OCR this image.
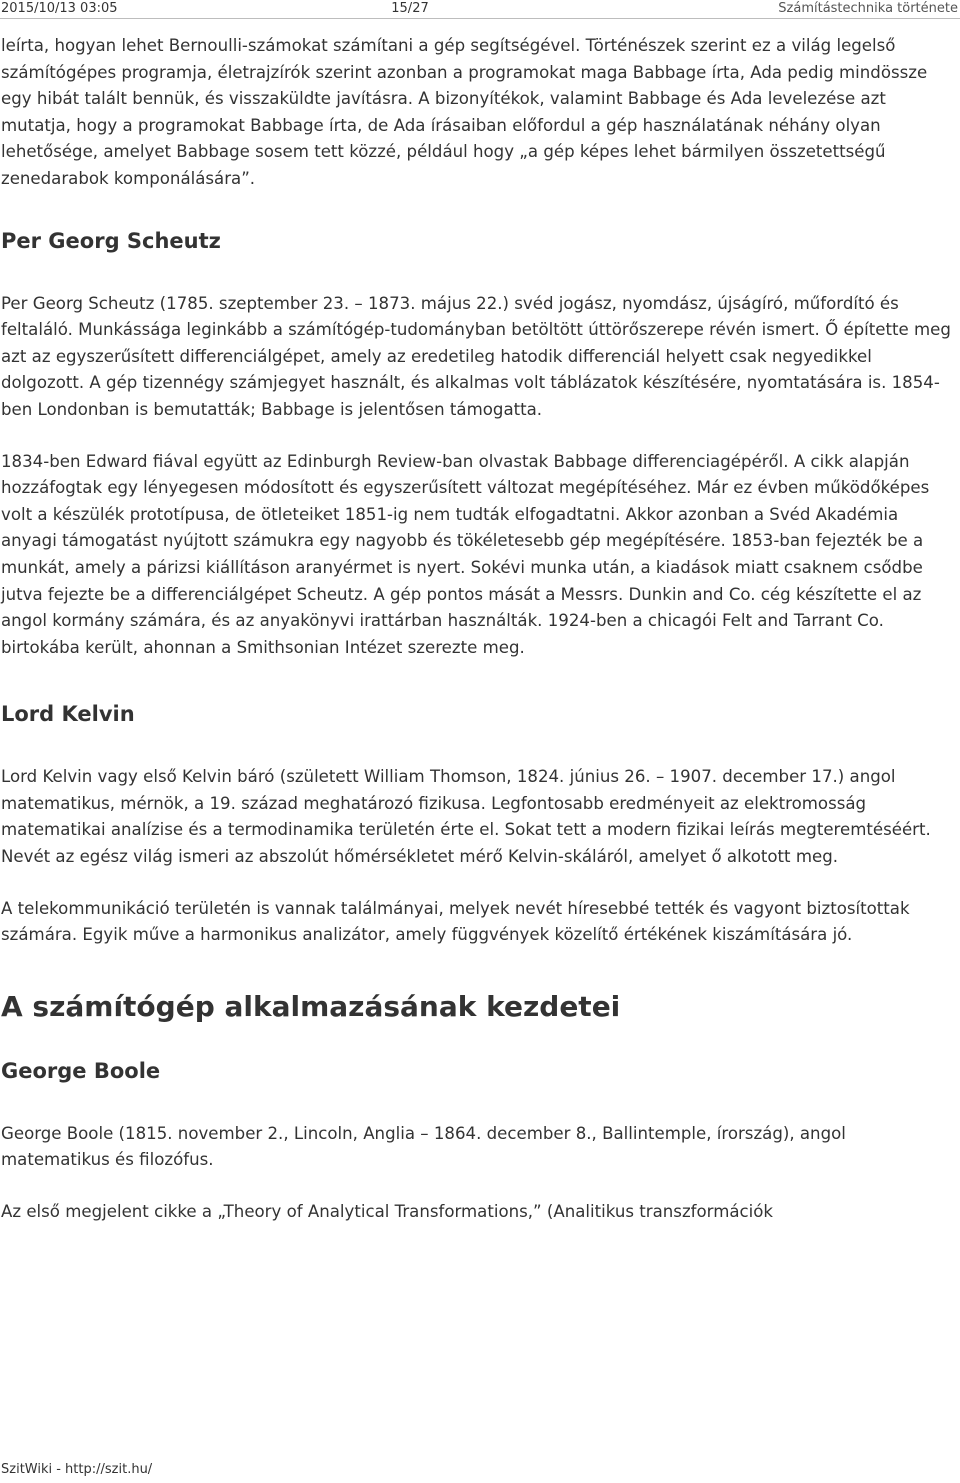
2015/10/13 03:05	15/27	Számítástechnika története

leírta, hogyan lehet Bernoulli-számokat számítani a gép segítségével. Történészek szerint ez a világ legelső számítógépes programja, életrajzírók szerint azonban a programokat maga Babbage írta, Ada pedig mindössze egy hibát talált bennük, és visszaküldte javításra. A bizonyítékok, valamint Babbage és Ada levelezése azt mutatja, hogy a programokat Babbage írta, de Ada írásaiban előfordul a gép használatának néhány olyan lehetősége, amelyet Babbage sosem tett közzé, például hogy „a gép képes lehet bármilyen összetettségű zenedarabok komponálására”.

Per Georg Scheutz

Per Georg Scheutz (1785. szeptember 23. – 1873. május 22.) svéd jogász, nyomdász, újságíró, műfordító és feltaláló. Munkássága leginkább a számítógép-tudományban betöltött úttörőszerepe révén ismert. Ő építette meg azt az egyszerűsített differenciálgépet, amely az eredetileg hatodik differenciál helyett csak negyedikkel dolgozott. A gép tizennégy számjegyet használt, és alkalmas volt táblázatok készítésére, nyomtatására is. 1854-ben Londonban is bemutatták; Babbage is jelentősen támogatta.

1834-ben Edward fiával együtt az Edinburgh Review-ban olvastak Babbage differenciagépéről. A cikk alapján hozzáfogtak egy lényegesen módosított és egyszerűsített változat megépítéséhez. Már ez évben működőképes volt a készülék prototípusa, de ötleteiket 1851-ig nem tudták elfogadtatni. Akkor azonban a Svéd Akadémia anyagi támogatást nyújtott számukra egy nagyobb és tökéletesebb gép megépítésére. 1853-ban fejezték be a munkát, amely a párizsi kiállításon aranyérmet is nyert. Sokévi munka után, a kiadások miatt csaknem csődbe jutva fejezte be a differenciálgépet Scheutz. A gép pontos mását a Messrs. Dunkin and Co. cég készítette el az angol kormány számára, és az anyakönyvi irattárban használták. 1924-ben a chicagói Felt and Tarrant Co. birtokába került, ahonnan a Smithsonian Intézet szerezte meg.

Lord Kelvin

Lord Kelvin vagy első Kelvin báró (született William Thomson, 1824. június 26. – 1907. december 17.) angol matematikus, mérnök, a 19. század meghatározó fizikusa. Legfontosabb eredményeit az elektromosság matematikai analízise és a termodinamika területén érte el. Sokat tett a modern fizikai leírás megteremtéséért. Nevét az egész világ ismeri az abszolút hőmérsékletet mérő Kelvin-skáláról, amelyet ő alkotott meg.

A telekommunikáció területén is vannak találmányai, melyek nevét híresebbé tették és vagyont biztosítottak számára. Egyik műve a harmonikus analizátor, amely függvények közelítő értékének kiszámítására jó.

A számítógép alkalmazásának kezdetei
George Boole

George Boole (1815. november 2., Lincoln, Anglia – 1864. december 8., Ballintemple, írország), angol matematikus és filozófus.

Az első megjelent cikke a „Theory of Analytical Transformations,” (Analitikus transzformációk

SzitWiki - http://szit.hu/
